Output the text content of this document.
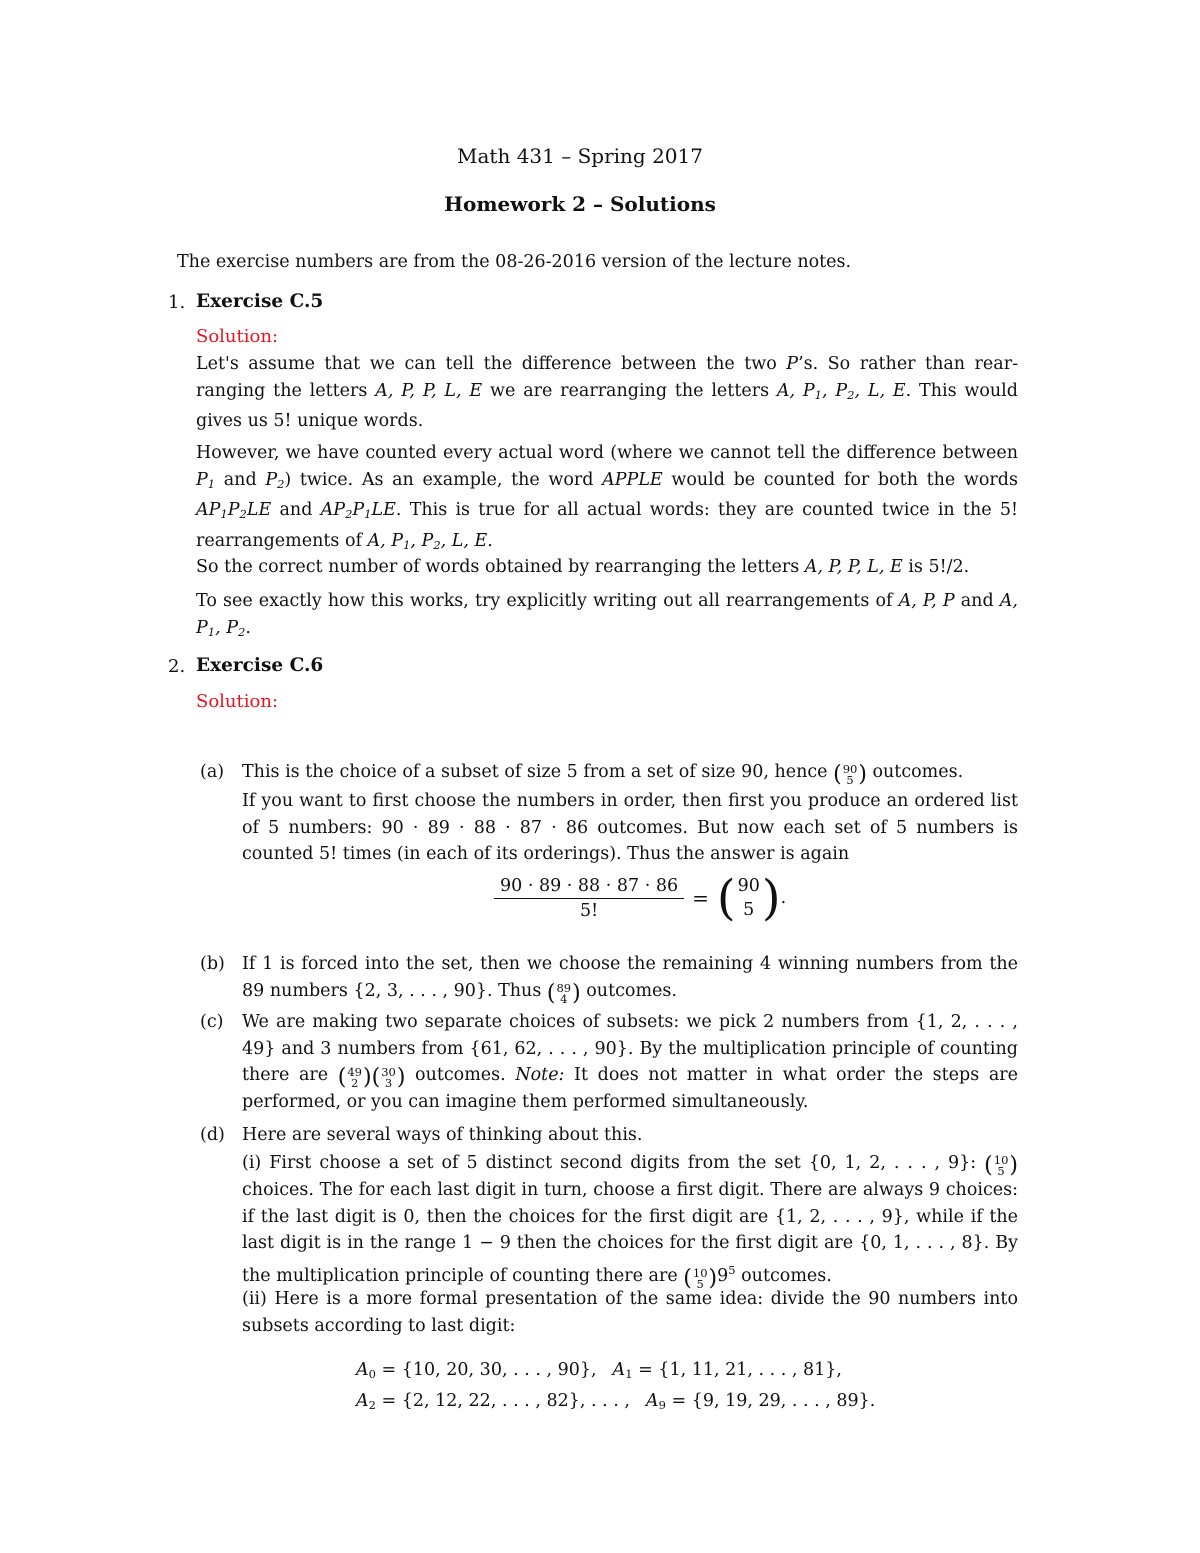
Math 431 – Spring 2017
Homework 2 – Solutions
The exercise numbers are from the 08-26-2016 version of the lecture notes.
1. Exercise C.5
Solution:
Let's assume that we can tell the difference between the two P’s. So rather than rear- ranging the letters A, P, P, L, E we are rearranging the letters A, $P_1$, $P_2$, L, E. This would gives us 5! unique words.
However, we have counted every actual word (where we cannot tell the difference between $P_1$ and $P_2$) twice. As an example, the word APPLE would be counted for both the words $AP_1P_2LE$ and $AP_2P_1LE$. This is true for all actual words: they are counted twice in the 5! rearrangements of A, $P_1$, $P_2$, L, E.
So the correct number of words obtained by rearranging the letters A, P, P, L, E is 5!/2.
To see exactly how this works, try explicitly writing out all rearrangements of A, P, P and A, $P_1$, $P_2$.
2. Exercise C.6
Solution:
(a) This is the choice of a subset of size 5 from a set of size 90, hence ( 90
5 ) outcomes.
If you want to first choose the numbers in order, then first you produce an ordered list of 5 numbers: 90 · 89 · 88 · 87 · 86 outcomes. But now each set of 5 numbers is counted 5! times (in each of its orderings). Thus the answer is again
$\frac{90 \cdot 89 \cdot 88 \cdot 87 \cdot 86}{5!}$ = ( 90
5 ) .
(b) If 1 is forced into the set, then we choose the remaining 4 winning numbers from the 89 numbers {2, 3, . . . , 90}. Thus ( 89
4 ) outcomes.
(c) We are making two separate choices of subsets: we pick 2 numbers from {1, 2, . . . , 49} and 3 numbers from {61, 62, . . . , 90}. By the multiplication principle of counting there are ( 49
2 ) ( 30
3 ) outcomes. Note: It does not matter in what order the steps are performed, or you can imagine them performed simultaneously.
(d) Here are several ways of thinking about this.
(i) First choose a set of 5 distinct second digits from the set {0, 1, 2, . . . , 9}: ( 10
5 )
choices. The for each last digit in turn, choose a first digit. There are always 9 choices: if the last digit is 0, then the choices for the first digit are {1, 2, . . . , 9}, while if the last digit is in the range 1 − 9 then the choices for the first digit are {0, 1, . . . , 8}. By the multiplication principle of counting there are ( 10
5 ) $9^5$ outcomes.
(ii) Here is a more formal presentation of the same idea: divide the 90 numbers into subsets according to last digit:
$A_0 = \{10$, 20, 30, . . . , 90}, $A_1 = \{1$, 11, 21, . . . , 81},
$A_2 = \{2$, 12, 22, . . . , 82}, . . . , $A_9 = \{9$, 19, 29, . . . , 89}.
